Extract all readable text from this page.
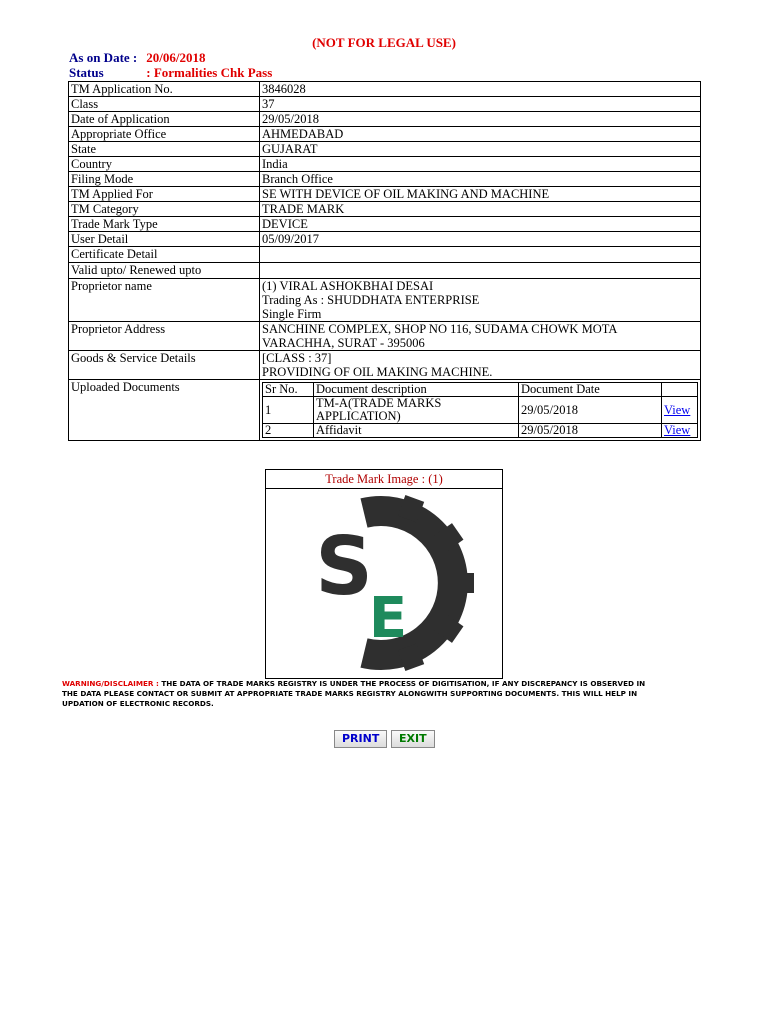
(NOT FOR LEGAL USE)
As on Date : 20/06/2018
Status	: Formalities Chk Pass
TM Application No.	3846028
Class	37
Date of Application	29/05/2018
Appropriate Office	AHMEDABAD
State	GUJARAT
Country	India
Filing Mode	Branch Office
TM Applied For	SE WITH DEVICE OF OIL MAKING AND MACHINE
TM Category	TRADE MARK
Trade Mark Type	DEVICE
User Detail	05/09/2017
Certificate Detail	
Valid upto/ Renewed upto	
Proprietor name	(1) VIRAL ASHOKBHAI DESAI
Trading As : SHUDDHATA ENTERPRISE
Single Firm

Proprietor Address	SANCHINE COMPLEX, SHOP NO 116, SUDAMA CHOWK MOTA
VARACHHA, SURAT - 395006

Goods & Service Details	[CLASS : 37]
PROVIDING OF OIL MAKING MACHINE.

Uploaded Documents		Sr No.	Document description	Document Date	
1	TM-A(TRADE MARKS
APPLICATION)	29/05/2018	View
2	Affidavit	29/05/2018	View
Trade Mark Image : (1)
S
E
WARNING/DISCLAIMER : THE DATA OF TRADE MARKS REGISTRY IS UNDER THE PROCESS OF DIGITISATION, IF ANY DISCREPANCY IS OBSERVED IN THE DATA PLEASE CONTACT OR SUBMIT AT APPROPRIATE TRADE MARKS REGISTRY ALONGWITH SUPPORTING DOCUMENTS. THIS WILL HELP IN UPDATION OF ELECTRONIC RECORDS.
PRINT	EXIT
